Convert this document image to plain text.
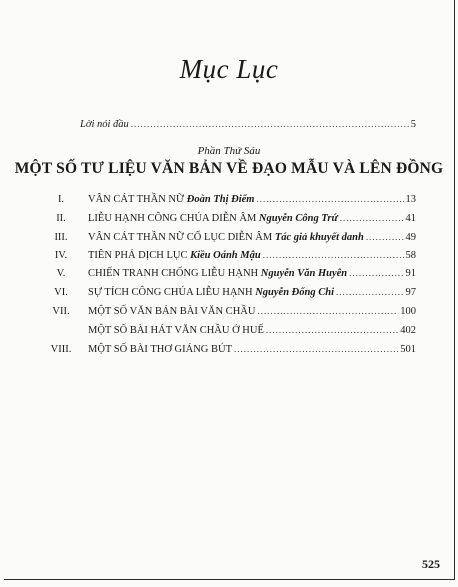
Mục Lục
Lời nói đầu .....	5
Phần Thứ Sáu
MỘT SỐ TƯ LIỆU VĂN BẢN VỀ ĐẠO MẪU VÀ LÊN ĐỒNG
I.	VÂN CÁT THẦN NỮ Đoàn Thị Điểm .....	13
II.	LIỄU HẠNH CÔNG CHÚA DIỄN ÂM Nguyễn Công Trứ .....	41
III.	VÂN CÁT THẦN NỮ CỔ LỤC DIỄN ÂM Tác giả khuyết danh .....	49
IV.	TIÊN PHẢ DỊCH LỤC Kiều Oánh Mậu .....	58
V.	CHIẾN TRANH CHỐNG LIỄU HẠNH Nguyễn Văn Huyên .....	91
VI.	SỰ TÍCH CÔNG CHÚA LIỄU HẠNH Nguyễn Đổng Chi .....	97
VII.	MỘT SỐ VĂN BẢN BÀI VĂN CHẦU .....	100
MỘT SỐ BÀI HÁT VĂN CHẦU Ở HUẾ .....	402
VIII.	MỘT SỐ BÀI THƠ GIÁNG BÚT .....	501
525
